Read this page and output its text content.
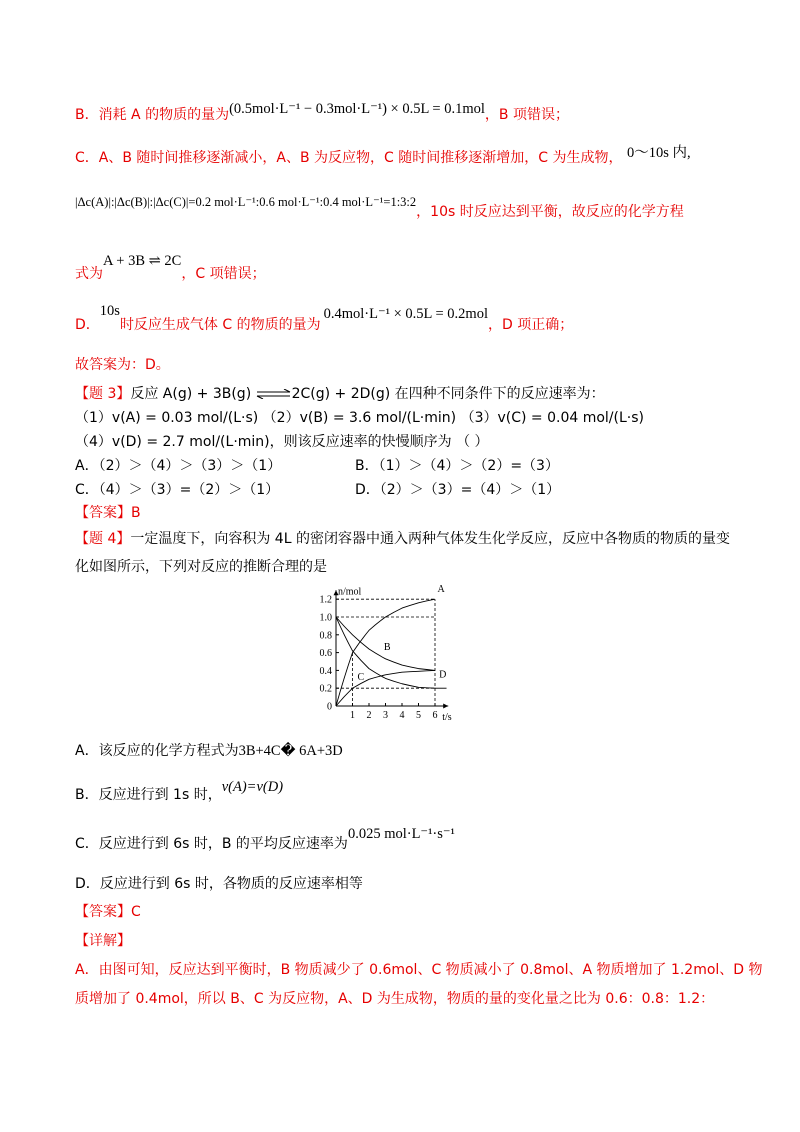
B．消耗 A 的物质的量为(0.5mol·L⁻¹ − 0.3mol·L⁻¹) × 0.5L = 0.1mol，B 项错误；
C．A、B 随时间推移逐渐减小，A、B 为反应物，C 随时间推移逐渐增加，C 为生成物， 0～10s 内,
|Δc(A)|:|Δc(B)|:|Δc(C)|=0.2 mol·L⁻¹:0.6 mol·L⁻¹:0.4 mol·L⁻¹=1:3:2，10s 时反应达到平衡，故反应的化学方程
式为A + 3B ⇌ 2C，C 项错误；
D．10s时反应生成气体 C 的物质的量为0.4mol·L⁻¹ × 0.5L = 0.2mol，D 项正确；
故答案为：D。
【题 3】反应 A(g) + 3B(g) ⇌2C(g) + 2D(g) 在四种不同条件下的反应速率为：
（1）v(A) = 0.03 mol/(L·s) （2）v(B) = 3.6 mol/(L·min) （3）v(C) = 0.04 mol/(L·s)
（4）v(D) = 2.7 mol/(L·min)，则该反应速率的快慢顺序为 （ ）
A．（2）＞（4）＞（3）＞（1）	B．（1）＞（4）＞（2）=（3）
C．（4）＞（3）=（2）＞（1）	D．（2）＞（3）=（4）＞（1）
【答案】B
【题 4】一定温度下，向容积为 4L 的密闭容器中通入两种气体发生化学反应，反应中各物质的物质的量变
化如图所示，下列对反应的推断合理的是
n/mol
t/s
0
0.2
0.4
0.6
0.8
1.0
1.2
1 2 3 4 5 6
A
B
C	D
A．该反应的化学方程式为3B+4C� 6A+3D
B．反应进行到 1s 时，v(A)=v(D)
C．反应进行到 6s 时，B 的平均反应速率为0.025 mol·L⁻¹·s⁻¹
D．反应进行到 6s 时，各物质的反应速率相等
【答案】C
【详解】
A．由图可知，反应达到平衡时，B 物质减少了 0.6mol、C 物质减小了 0.8mol、A 物质增加了 1.2mol、D 物
质增加了 0.4mol，所以 B、C 为反应物，A、D 为生成物，物质的量的变化量之比为 0.6：0.8：1.2：
